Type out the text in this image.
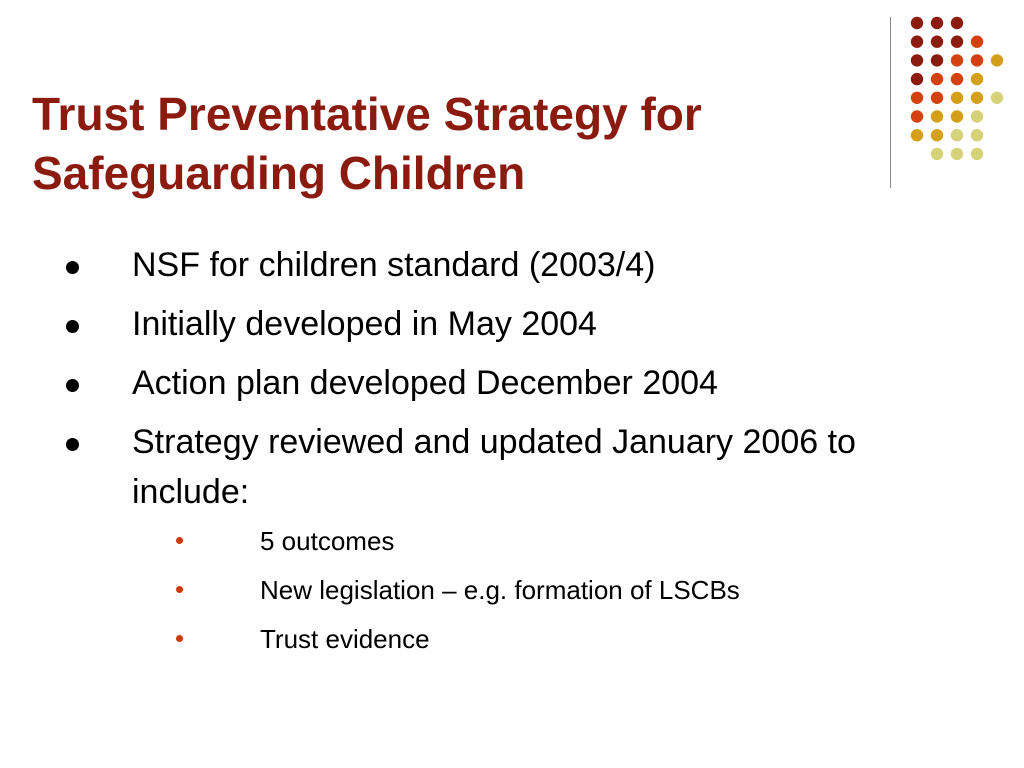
Trust Preventative Strategy for
Safeguarding Children
NSF for children standard (2003/4)
Initially developed in May 2004
Action plan developed December 2004
Strategy reviewed and updated January 2006 to include:
5 outcomes
New legislation – e.g. formation of LSCBs
Trust evidence
